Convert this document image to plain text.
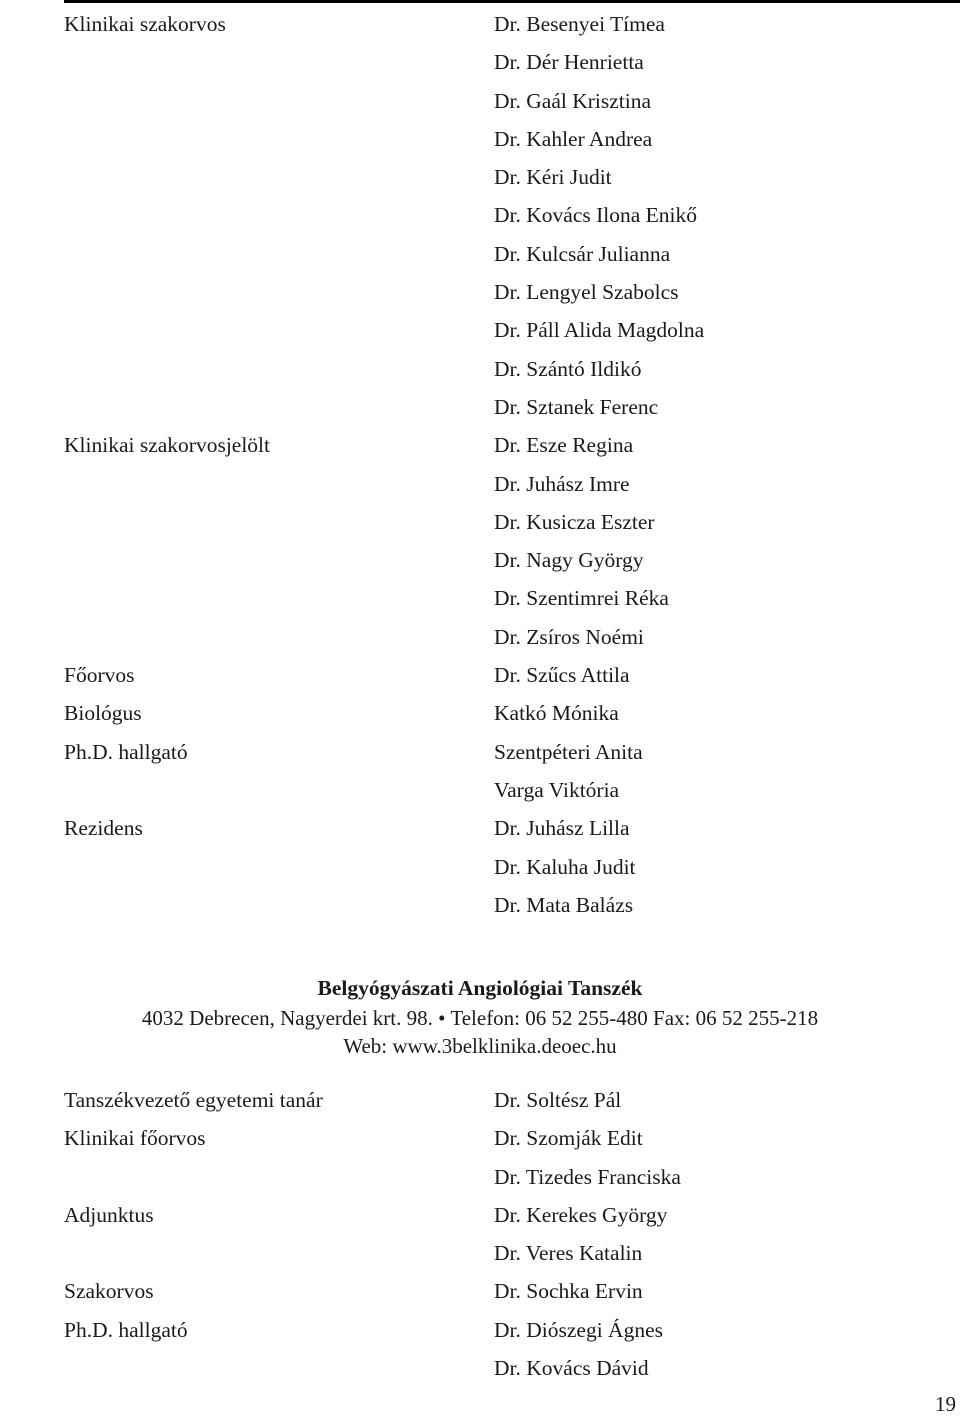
Klinikai szakorvos	Dr. Besenyei Tímea
Dr. Dér Henrietta
Dr. Gaál Krisztina
Dr. Kahler Andrea
Dr. Kéri Judit
Dr. Kovács Ilona Enikő
Dr. Kulcsár Julianna
Dr. Lengyel Szabolcs
Dr. Páll Alida Magdolna
Dr. Szántó Ildikó
Dr. Sztanek Ferenc
Klinikai szakorvosjelölt	Dr. Esze Regina
Dr. Juhász Imre
Dr. Kusicza Eszter
Dr. Nagy György
Dr. Szentimrei Réka
Dr. Zsíros Noémi
Főorvos	Dr. Szűcs Attila
Biológus	Katkó Mónika
Ph.D. hallgató	Szentpéteri Anita
Varga Viktória
Rezidens	Dr. Juhász Lilla
Dr. Kaluha Judit
Dr. Mata Balázs
Belgyógyászati Angiológiai Tanszék
4032 Debrecen, Nagyerdei krt. 98. • Telefon: 06 52 255-480 Fax: 06 52 255-218
Web: www.3belklinika.deoec.hu
Tanszékvezető egyetemi tanár	Dr. Soltész Pál
Klinikai főorvos	Dr. Szomják Edit
Dr. Tizedes Franciska
Adjunktus	Dr. Kerekes György
Dr. Veres Katalin
Szakorvos	Dr. Sochka Ervin
Ph.D. hallgató	Dr. Diószegi Ágnes
Dr. Kovács Dávid
19
